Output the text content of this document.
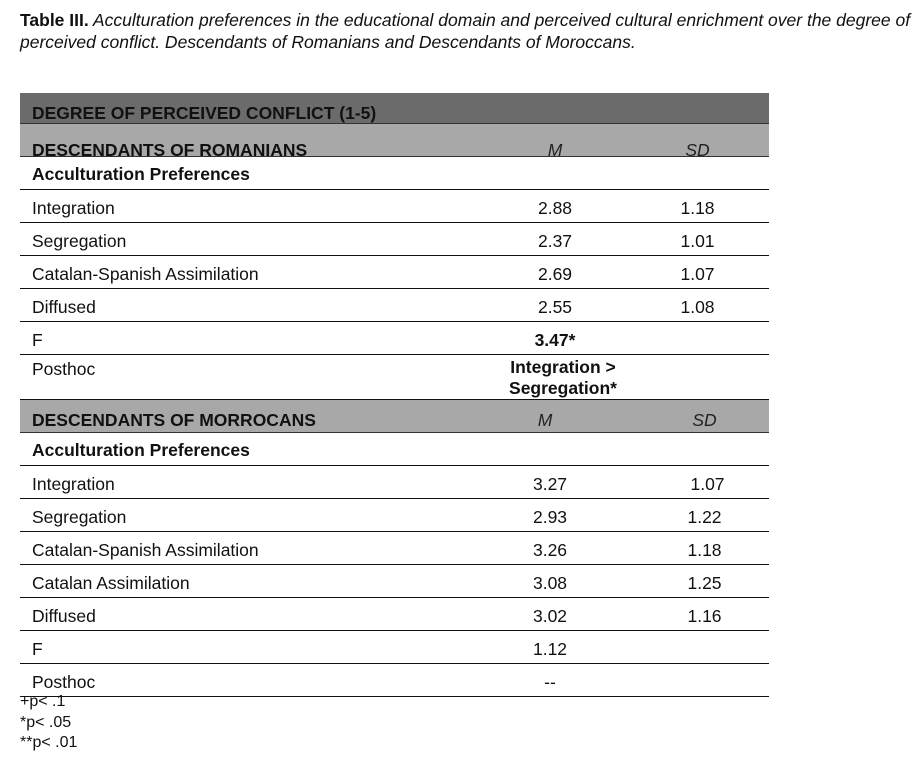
Table III. Acculturation preferences in the educational domain and perceived cultural enrichment over the degree of perceived conflict. Descendants of Romanians and Descendants of Moroccans.
DEGREE OF PERCEIVED CONFLICT (1-5)
DESCENDANTS OF ROMANIANS	M	SD
Acculturation Preferences
Integration	2.88	1.18
Segregation	2.37	1.01
Catalan-Spanish Assimilation	2.69	1.07
Diffused	2.55	1.08
F	3.47*
Posthoc	Integration >
Segregation*
DESCENDANTS OF MORROCANS	M	SD
Acculturation Preferences
Integration	3.27	1.07
Segregation	2.93	1.22
Catalan-Spanish Assimilation	3.26	1.18
Catalan Assimilation	3.08	1.25
Diffused	3.02	1.16
F	1.12
Posthoc	--
+p< .1
*p< .05
**p< .01
